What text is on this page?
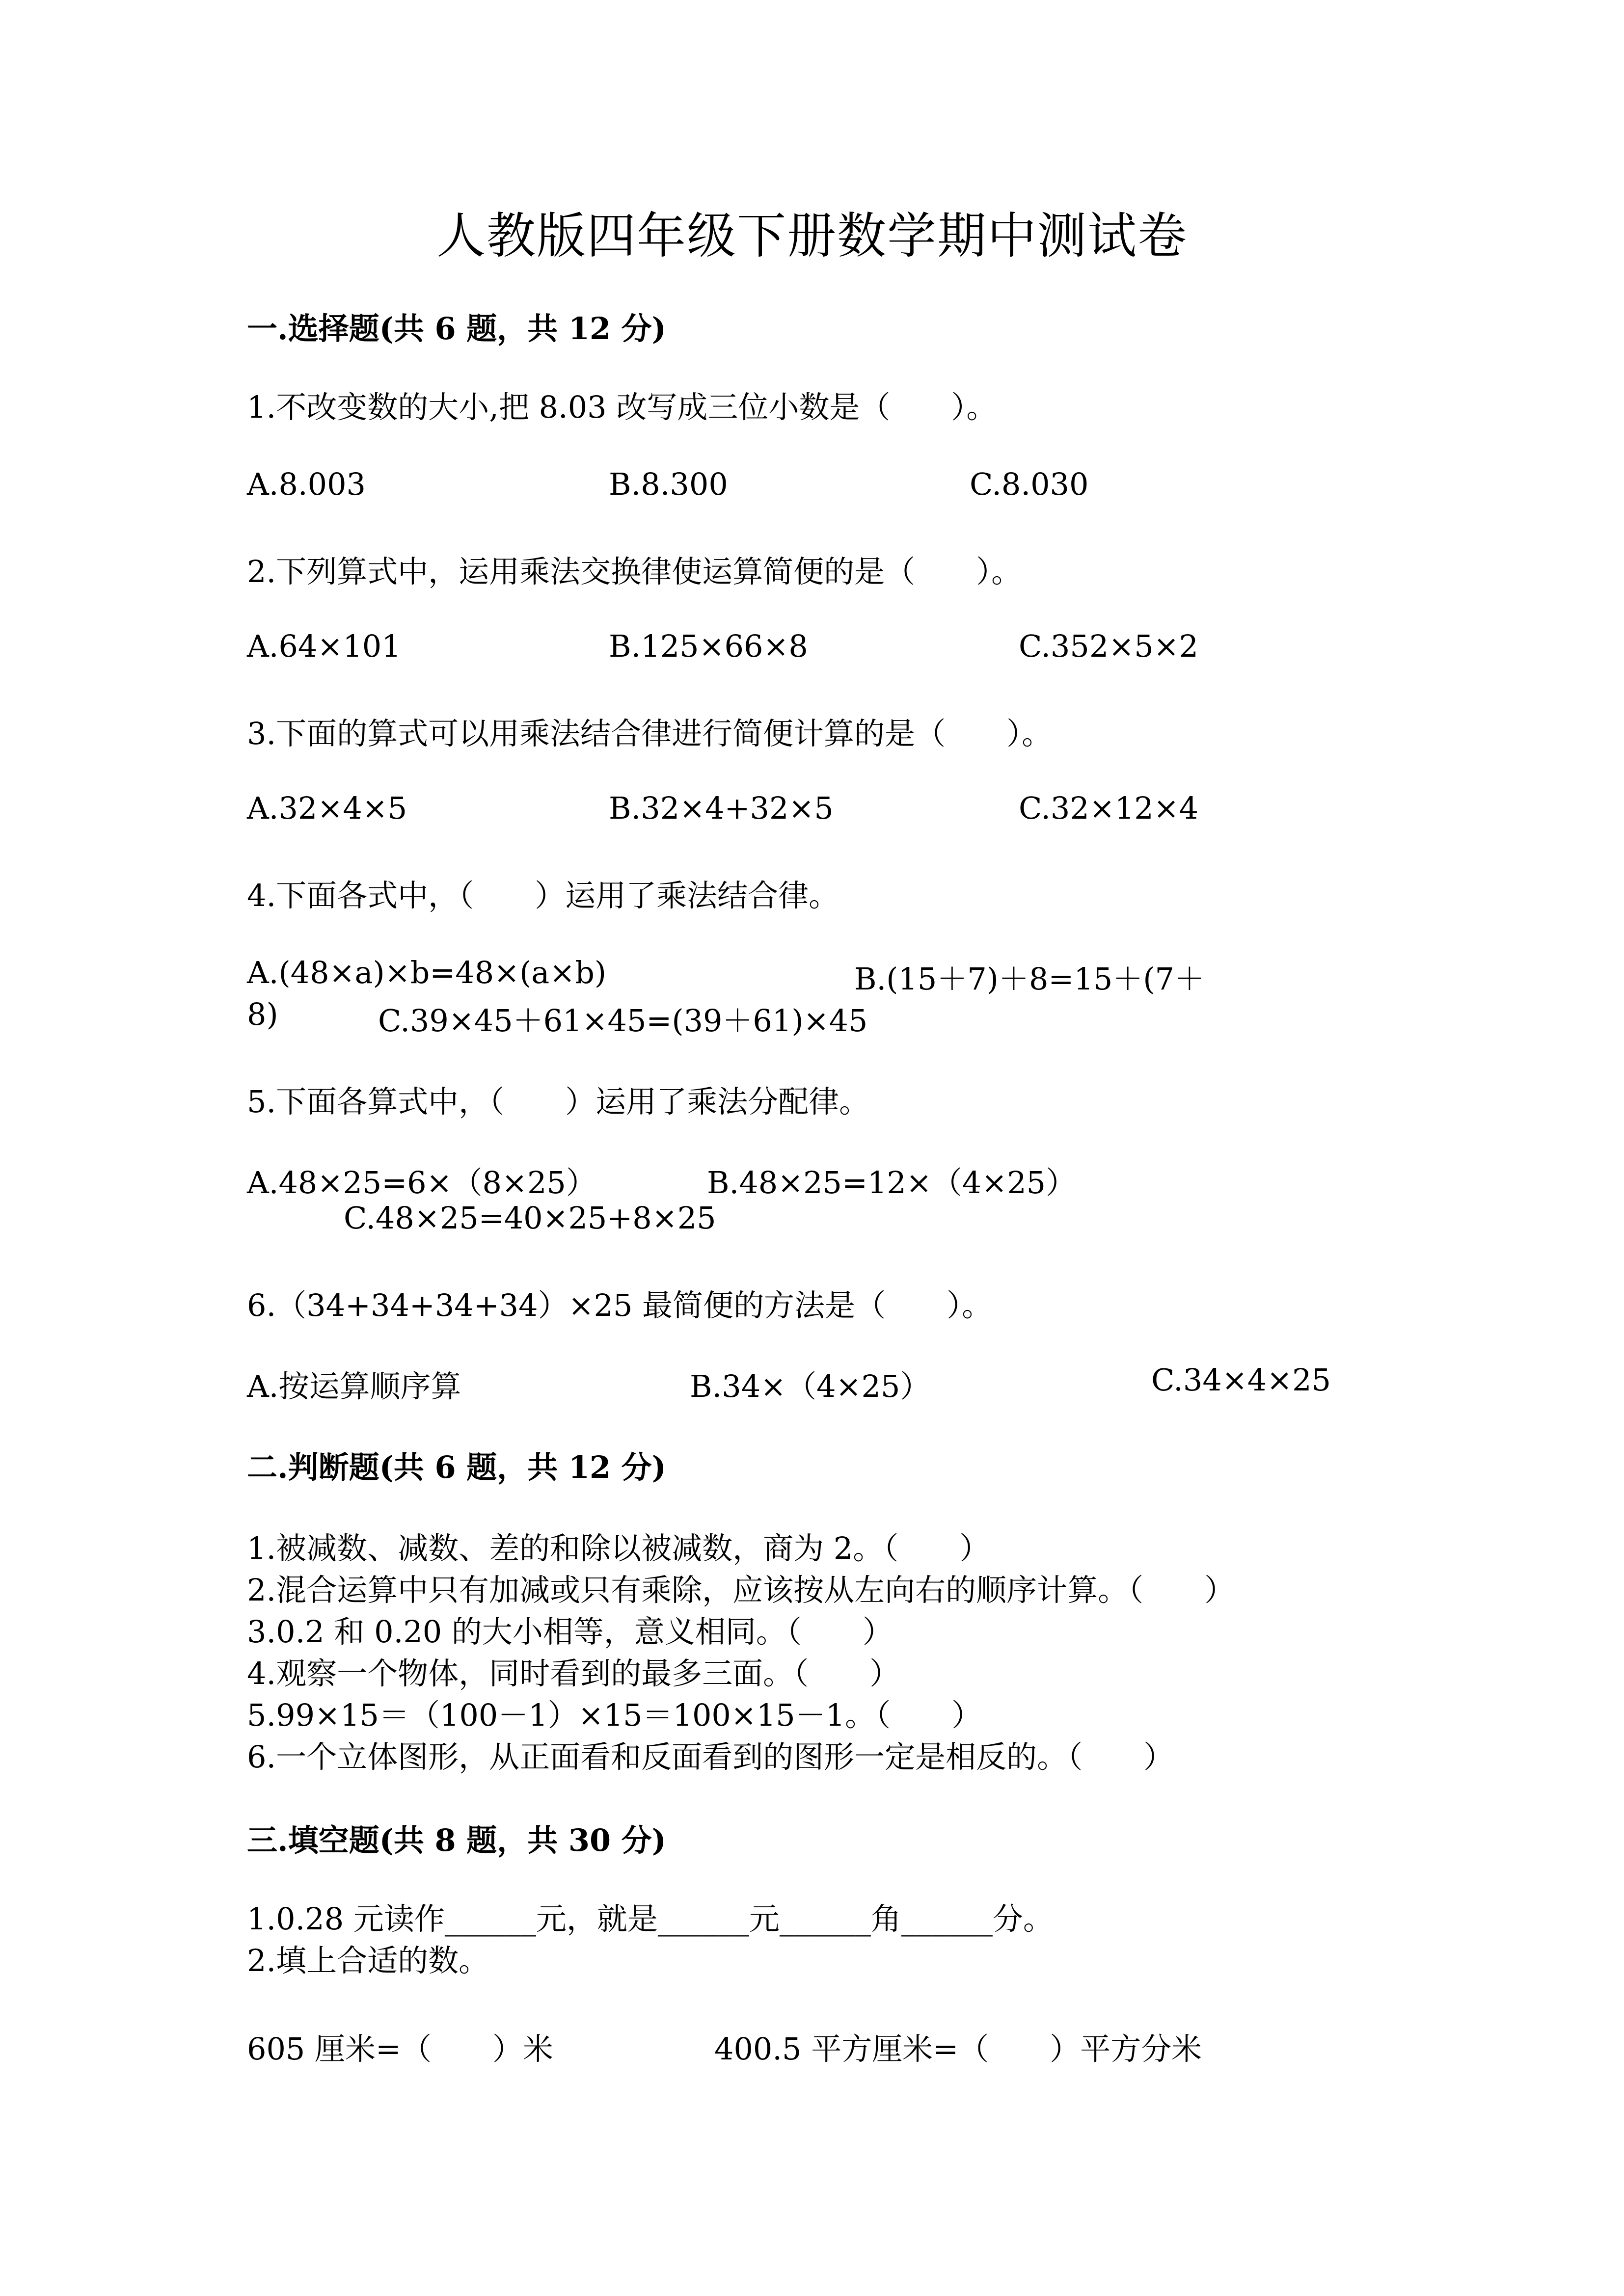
人教版四年级下册数学期中测试卷
一.选择题(共 6 题，共 12 分)
1.不改变数的大小,把 8.03 改写成三位小数是（　　）。
A.8.003	B.8.300	C.8.030
2.下列算式中，运用乘法交换律使运算简便的是（　　）。
A.64×101	B.125×66×8	C.352×5×2
3.下面的算式可以用乘法结合律进行简便计算的是（　　）。
A.32×4×5	B.32×4+32×5	C.32×12×4
4.下面各式中，（　　）运用了乘法结合律。
A.(48×a)×b=48×(a×b)	B.(15＋7)＋8=15＋(7＋
8)	C.39×45＋61×45=(39＋61)×45
5.下面各算式中，（　　）运用了乘法分配律。
A.48×25=6×（8×25）	B.48×25=12×（4×25）
C.48×25=40×25+8×25
6.（34+34+34+34）×25 最简便的方法是（　　）。
A.按运算顺序算	B.34×（4×25）	C.34×4×25
二.判断题(共 6 题，共 12 分)
1.被减数、减数、差的和除以被减数，商为 2。（　　）
2.混合运算中只有加减或只有乘除，应该按从左向右的顺序计算。（　　）
3.0.2 和 0.20 的大小相等，意义相同。（　　）
4.观察一个物体，同时看到的最多三面。（　　）
5.99×15＝（100－1）×15＝100×15－1。（　　）
6.一个立体图形，从正面看和反面看到的图形一定是相反的。（　　）
三.填空题(共 8 题，共 30 分)
1.0.28 元读作______元，就是______元______角______分。
2.填上合适的数。
605 厘米=（　　）米	400.5 平方厘米=（　　）平方分米
